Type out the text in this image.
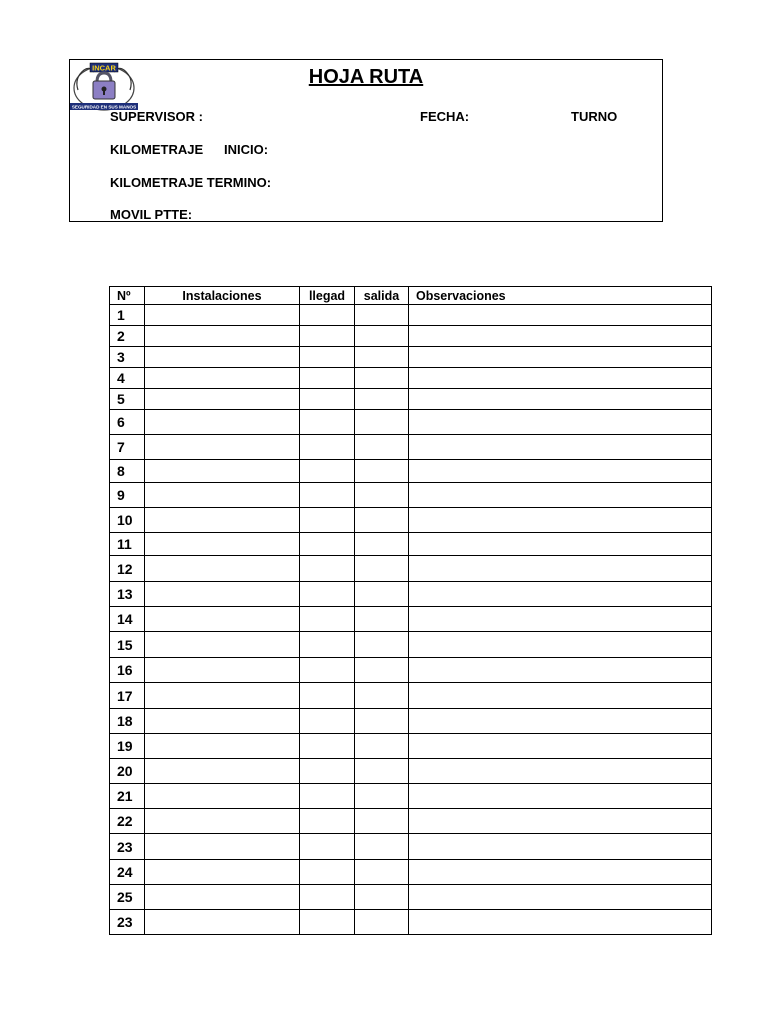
INCAR
SEGURIDAD EN SUS MANOS
HOJA RUTA
SUPERVISOR :	FECHA:	TURNO
KILOMETRAJE INICIO:
KILOMETRAJE TERMINO:
MOVIL PTTE:
Nº	Instalaciones	llegad	salida	Observaciones
1				
2				
3				
4				
5				
6				
7				
8				
9				
10				
11				
12				
13				
14				
15				
16				
17				
18				
19				
20				
21				
22				
23				
24				
25				
23				
